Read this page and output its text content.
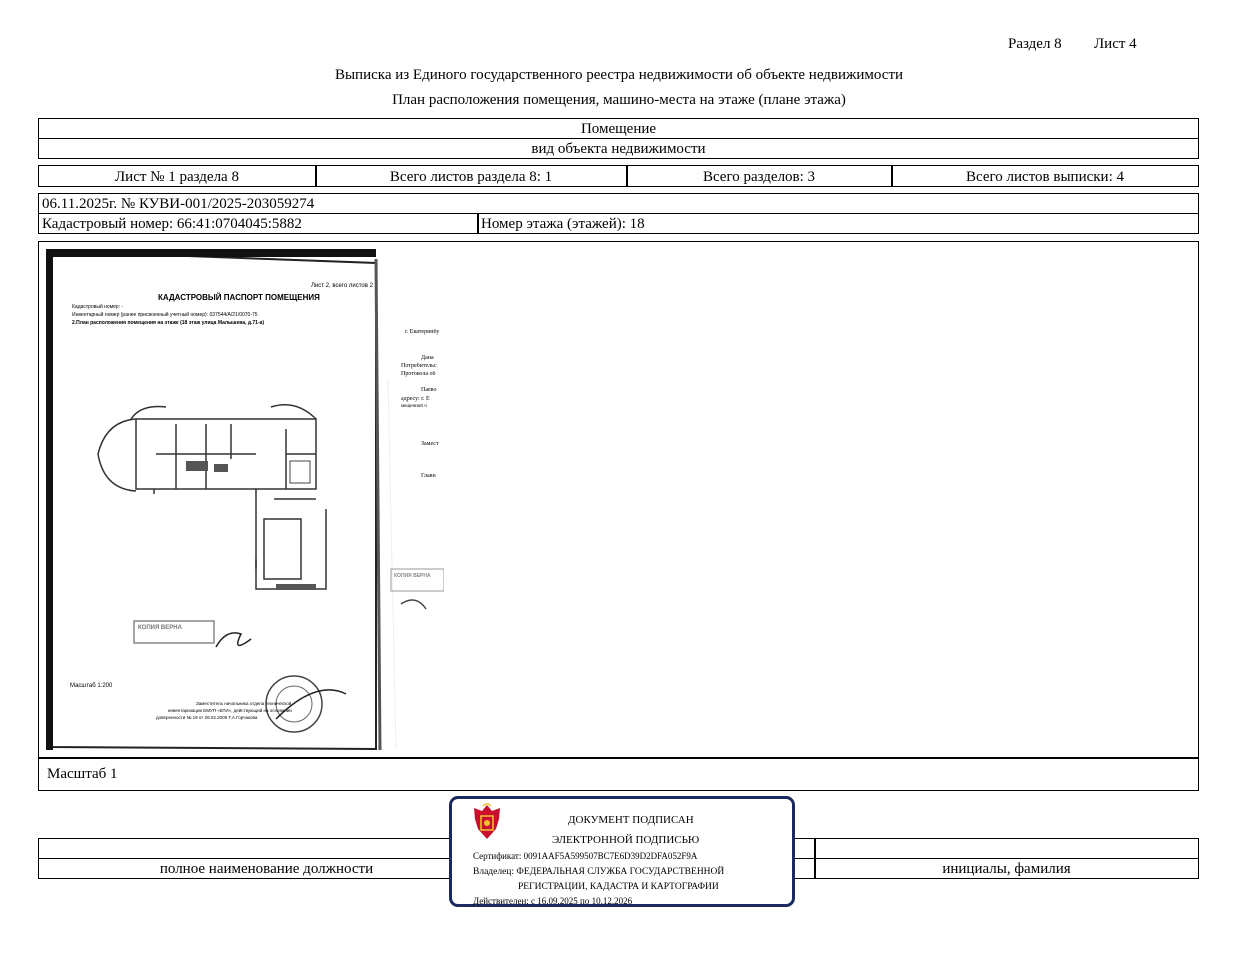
Раздел 8 Лист 4
Выписка из Единого государственного реестра недвижимости об объекте недвижимости
План расположения помещения, машино-места на этаже (плане этажа)
Помещение
вид объекта недвижимости
Лист № 1 раздела 8	Всего листов раздела 8: 1	Всего разделов: 3	Всего листов выписки: 4
06.11.2025г. № КУВИ-001/2025-203059274
Кадастровый номер: 66:41:0704045:5882	Номер этажа (этажей): 18
Масштаб 1
КАДАСТРОВЫЙ ПАСПОРТ ПОМЕЩЕНИЯ
Лист 2, всего листов 2
Кадастровый номер: -
Инвентарный номер (ранее присвоенный учетный номер): 037544/А/21/0070-75
2.План расположения помещения на этаже (18 этаж улица Малышева, д.71-а)
Масштаб 1:200
КОПИЯ ВЕРНА
КОПИЯ ВЕРНА
Заместитель начальника отдела технической
инвентаризации ЕМУП «БТИ», действующий на основании
доверенности № 19 от 28.02.2009 Т.А.Горчакова
г. Екатеринбу
Дана
Потребительс
Протокола об
Паево
адресу: г. Е
мещенной ч
Замест
Главн
полное наименование должности	инициалы, фамилия
ДОКУМЕНТ ПОДПИСАН
ЭЛЕКТРОННОЙ ПОДПИСЬЮ
Сертификат: 0091AAF5A599507BC7E6D39D2DFA052F9A
Владелец: ФЕДЕРАЛЬНАЯ СЛУЖБА ГОСУДАРСТВЕННОЙ
РЕГИСТРАЦИИ, КАДАСТРА И КАРТОГРАФИИ
Действителен: с 16.09.2025 по 10.12.2026
